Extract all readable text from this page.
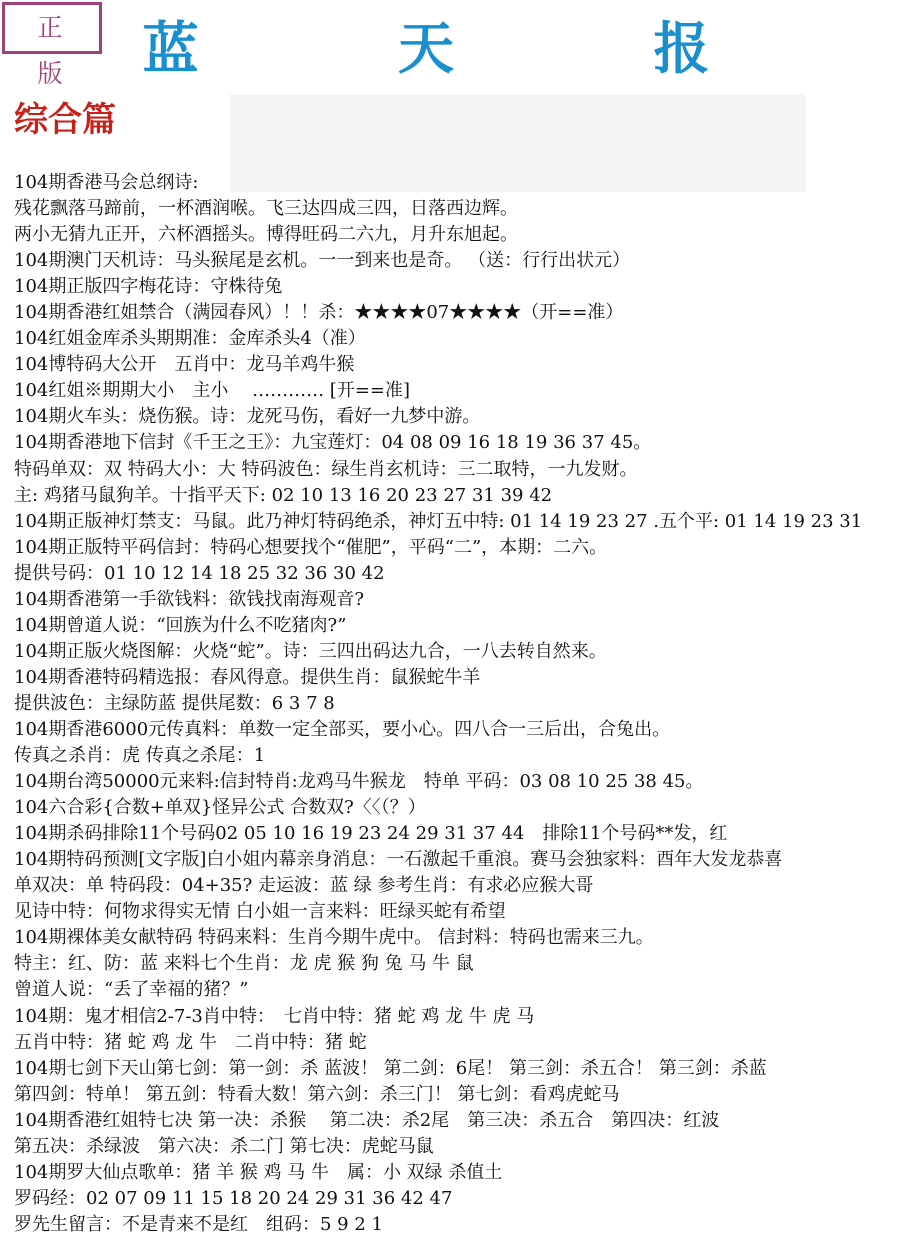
正 版	蓝 天 报
综合篇
104期香港马会总纲诗:
残花飘落马蹄前，一杯酒润喉。飞三达四成三四，日落西边辉。
两小无猜九正开，六杯酒摇头。博得旺码二六九，月升东旭起。
104期澳门天机诗：马头猴尾是玄机。一一到来也是奇。 （送：行行出状元）
104期正版四字梅花诗：守株待兔
104期香港红姐禁合（满园春风）！！杀：★★★★07★★★★（开==准）
104红姐金库杀头期期准：金库杀头4（准）
104博特码大公开　五肖中：龙马羊鸡牛猴
104红姐※期期大小　主小　 ………… [开==准]
104期火车头：烧伤猴。诗：龙死马伤，看好一九梦中游。
104期香港地下信封《千王之王》：九宝莲灯：04 08 09 16 18 19 36 37 45。
特码单双：双 特码大小：大 特码波色：绿生肖玄机诗：三二取特，一九发财。
主: 鸡猪马鼠狗羊。十指平天下: 02 10 13 16 20 23 27 31 39 42
104期正版神灯禁支：马鼠。此乃神灯特码绝杀，神灯五中特: 01 14 19 23 27 .五个平: 01 14 19 23 31
104期正版特平码信封：特码心想要找个“催肥”，平码“二”，本期：二六。
提供号码：01 10 12 14 18 25 32 36 30 42
104期香港第一手欲钱料：欲钱找南海观音?
104期曾道人说：“回族为什么不吃猪肉?”
104期正版火烧图解：火烧“蛇”。诗：三四出码达九合，一八去转自然来。
104期香港特码精选报：春风得意。提供生肖：鼠猴蛇牛羊
提供波色：主绿防蓝 提供尾数：6 3 7 8
104期香港6000元传真料：单数一定全部买，要小心。四八合一三后出，合兔出。
传真之杀肖：虎 传真之杀尾：1
104期台湾50000元来料:信封特肖:龙鸡马牛猴龙　特单 平码：03 08 10 25 38 45。
104六合彩{合数+单双}怪异公式 合数双?〈〈（？）
104期杀码排除11个号码02 05 10 16 19 23 24 29 31 37 44　排除11个号码**发，红
104期特码预测[文字版]白小姐内幕亲身消息：一石激起千重浪。赛马会独家料：酉年大发龙恭喜
单双决：单 特码段：04+35? 走运波：蓝 绿 参考生肖：有求必应猴大哥
见诗中特：何物求得实无情 白小姐一言来料：旺绿买蛇有希望
104期裸体美女献特码 特码来料：生肖今期牛虎中。 信封料：特码也需来三九。
特主：红、防：蓝 来料七个生肖：龙 虎 猴 狗 兔 马 牛 鼠
曾道人说：“丢了幸福的猪？”
104期：鬼才相信2-7-3肖中特：　七肖中特：猪 蛇 鸡 龙 牛 虎 马
五肖中特：猪 蛇 鸡 龙 牛　二肖中特：猪 蛇
104期七剑下天山第七剑：第一剑：杀 蓝波！ 第二剑：6尾！ 第三剑：杀五合！ 第三剑：杀蓝
第四剑：特单！ 第五剑：特看大数！第六剑：杀三门！ 第七剑：看鸡虎蛇马
104期香港红姐特七决 第一决：杀猴　 第二决：杀2尾　第三决：杀五合　第四决：红波
第五决：杀绿波　第六决：杀二门 第七决：虎蛇马鼠
104期罗大仙点歌单：猪 羊 猴 鸡 马 牛　属：小 双绿 杀值土
罗码经：02 07 09 11 15 18 20 24 29 31 36 42 47
罗先生留言：不是青来不是红　组码：5 9 2 1
